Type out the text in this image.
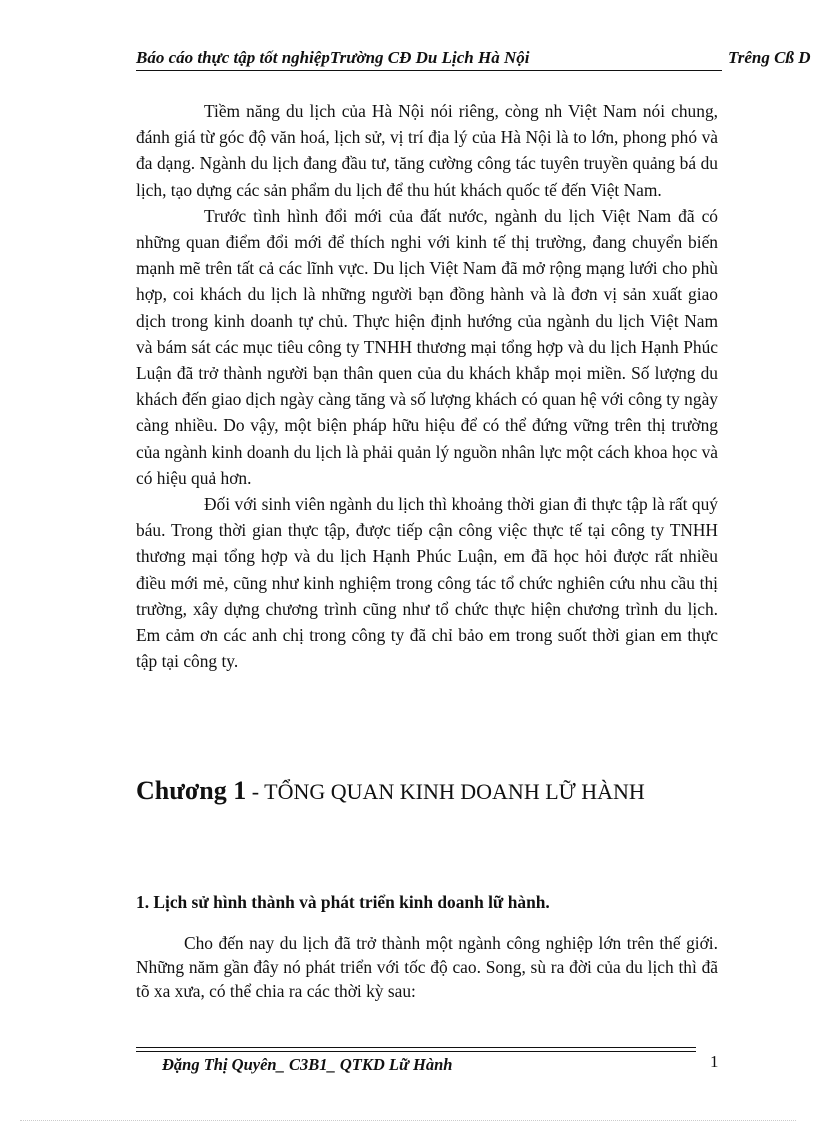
Báo cáo thực tập tốt nghiệpTrường CĐ Du Lịch Hà Nội	Trêng Cß D

Tiềm năng du lịch của Hà Nội nói riêng, còng nh Việt Nam nói chung, đánh giá từ góc độ văn hoá, lịch sử, vị trí địa lý của Hà Nội là to lớn, phong phó và đa dạng. Ngành du lịch đang đầu tư, tăng cường công tác tuyên truyền quảng bá du lịch, tạo dựng các sản phẩm du lịch để thu hút khách quốc tế đến Việt Nam.

Trước tình hình đổi mới của đất nước, ngành du lịch Việt Nam đã có những quan điểm đổi mới để thích nghi với kinh tế thị trường, đang chuyển biến mạnh mẽ trên tất cả các lĩnh vực. Du lịch Việt Nam đã mở rộng mạng lưới cho phù hợp, coi khách du lịch là những người bạn đồng hành và là đơn vị sản xuất giao dịch trong kinh doanh tự chủ. Thực hiện định hướng của ngành du lịch Việt Nam và bám sát các mục tiêu công ty TNHH thương mại tổng hợp và du lịch Hạnh Phúc Luận đã trở thành người bạn thân quen của du khách khắp mọi miền. Số lượng du khách đến giao dịch ngày càng tăng và số lượng khách có quan hệ với công ty ngày càng nhiều. Do vậy, một biện pháp hữu hiệu để có thể đứng vững trên thị trường của ngành kinh doanh du lịch là phải quản lý nguồn nhân lực một cách khoa học và có hiệu quả hơn.

Đối với sinh viên ngành du lịch thì khoảng thời gian đi thực tập là rất quý báu. Trong thời gian thực tập, được tiếp cận công việc thực tế tại công ty TNHH thương mại tổng hợp và du lịch Hạnh Phúc Luận, em đã học hỏi được rất nhiều điều mới mẻ, cũng như kinh nghiệm trong công tác tổ chức nghiên cứu nhu cầu thị trường, xây dựng chương trình cũng như tổ chức thực hiện chương trình du lịch. Em cảm ơn các anh chị trong công ty đã chỉ bảo em trong suốt thời gian em thực tập tại công ty.

Chương 1 - TỔNG QUAN KINH DOANH LỮ HÀNH
1. Lịch sử hình thành và phát triển kinh doanh lữ hành.

Cho đến nay du lịch đã trở thành một ngành công nghiệp lớn trên thế giới. Những năm gần đây nó phát triển với tốc độ cao. Song, sù ra đời của du lịch thì đã tõ xa xưa, có thể chia ra các thời kỳ sau:

Đặng Thị Quyên_ C3B1_ QTKD Lữ Hành	1
